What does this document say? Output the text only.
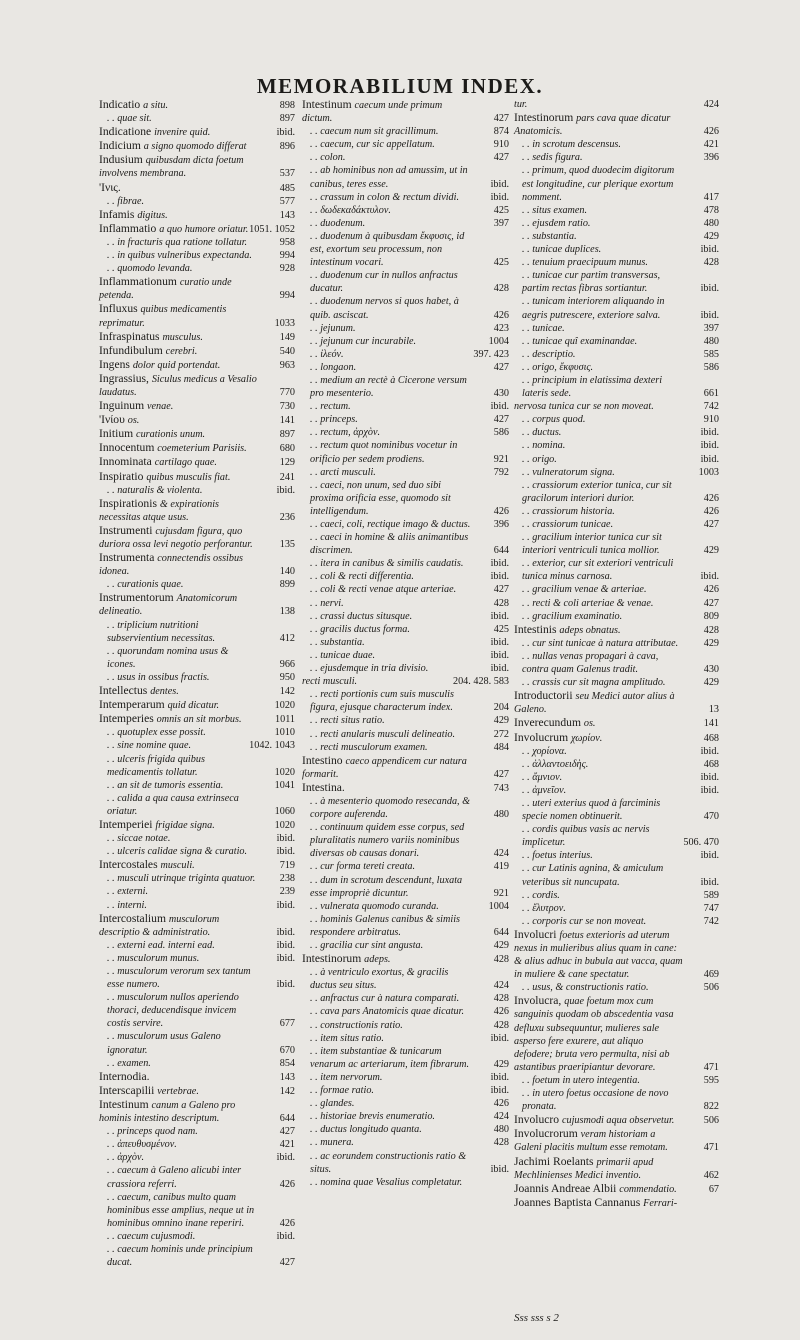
MEMORABILIUM INDEX.
Indicatio a situ.	898
. . quae sit.	897
Indicatione invenire quid.	ibid.
Indicium a signo quomodo differat	896
Indusium quibusdam dicta foetum involvens membrana.	537
'Ινις.	485
. . fibrae.	577
Infamis digitus.	143
Inflammatio a quo humore oriatur. 1051. 1052
. . in fracturis qua ratione tollatur.	958
. . in quibus vulneribus expectanda.	994
. . quomodo levanda.	928
Inflammationum curatio unde petenda.	994
Influxus quibus medicamentis reprimatur.	1033
Infraspinatus musculus.	149
Infundibulum cerebri.	540
Ingens dolor quid portendat.	963
Ingrassius, Siculus medicus a Vesalio laudatus.	770
Inguinum venae.	730
'Ινίου os.	141
Initium curationis unum.	897
Innocentum coemeterium Parisiis.	680
Innominata cartilago quae.	129
Inspiratio quibus musculis fiat.	241
. . naturalis & violenta.	ibid.
Inspirationis & expirationis necessitas atque usus.	236
Instrumenti cujusdam figura, quo duriora ossa levi negotio perforantur.	135
Instrumenta connectendis ossibus idonea.	140
. . curationis quae.	899
Instrumentorum Anatomicorum delineatio.	138
. . triplicium nutritioni subservientium necessitas.	412
. . quorundam nomina usus & icones.	966
. . usus in ossibus fractis.	950
Intellectus dentes.	142
Intemperarum quid dicatur.	1020
Intemperies omnis an sit morbus.	1011
. . quotuplex esse possit.	1010
. . sine nomine quae.	1042. 1043
. . ulceris frigida quibus medicamentis tollatur.	1020
. . an sit de tumoris essentia.	1041
. . calida a qua causa extrinseca oriatur.	1060
Intemperiei frigidae signa.	1020
. . siccae notae.	ibid.
. . ulceris calidae signa & curatio.	ibid.
Intercostales musculi.	719
. . musculi utrinque triginta quatuor. 238
. . externi.	239
. . interni.	ibid.
Intercostalium musculorum descriptio & administratio.	ibid.
. . externi ead. interni ead.	ibid.
. . musculorum munus.	ibid.
. . musculorum verorum sex tantum esse numero.	ibid.
. . musculorum nullos aperiendo thoraci, deducendisque invicem costis servire.	677
. . musculorum usus Galeno ignoratur.	670
. . examen.	854
Internodia.	143
Interscapilii vertebrae.	142
Intestinum canum a Galeno pro hominis intestino descriptum.	644
. . princeps quod nam.	427
. . ἀπευθυσμένον.	421
. . ἀρχὸν.	ibid.
. . caecum à Galeno alicubi inter crassiora referri.	426
. . caecum, canibus multo quam hominibus esse amplius, neque ut in hominibus omnino inane reperiri.	426
. . caecum cujusmodi.	ibid.
. . caecum hominis unde principium ducat.	427
Intestinum caecum unde primum dictum.	427
. . caecum num sit gracillimum.	874
. . caecum, cur sic appellatum.	910
. . colon.	427
. . ab hominibus non ad amussim, ut in canibus, teres esse.	ibid.
. . crassum in colon & rectum dividi.	ibid.
. . δωδεκαδάκτυλον.	425
. . duodenum.	397
. . duodenum à quibusdam ἔκφυσις, id est, exortum seu processum, non intestinum vocari.	425
. . duodenum cur in nullos anfractus ducatur.	428
. . duodenum nervos si quos habet, à quib. asciscat.	426
. . jejunum.	423
. . jejunum cur incurabile.	1004
. . ἰλεόν.	397. 423
. . longaon.	427
. . medium an rectè à Cicerone versum pro mesenterio.	430
. . rectum.	ibid.
. . princeps.	427
. . rectum, ἀρχὸν.	586
. . rectum quot nominibus vocetur in orificio per sedem prodiens.	921
. . arcti musculi.	792
. . caeci, non unum, sed duo sibi proxima orificia esse, quomodo sit intelligendum.	426
. . caeci, coli, rectique imago & ductus. 396
. . caeci in homine & aliis animantibus discrimen.	644
. . itera in canibus & similis caudatis.	ibid.
. . coli & recti differentia.	ibid.
. . coli & recti venae atque arteriae.	427
. . nervi.	428
. . crassi ductus situsque.	ibid.
. . gracilis ductus forma.	425
. . substantia.	ibid.
. . tunicae duae.	ibid.
. . ejusdemque in tria divisio.	ibid.
recti musculi.	204. 428. 583
. . recti portionis cum suis musculis figura, ejusque characterum index.	204
. . recti situs ratio.	429
. . recti anularis musculi delineatio.	272
. . recti musculorum examen.	484
Intestino caeco appendicem cur natura formarit.	427
Intestina.	743
. . à mesenterio quomodo resecanda, & corpore auferenda.	480
. . continuum quidem esse corpus, sed pluralitatis numero variis nominibus diversas ob causas donari.	424
. . cur forma tereti creata.	419
. . dum in scrotum descendunt, luxata esse impropriè dicuntur.	921
. . vulnerata quomodo curanda.	1004
. . hominis Galenus canibus & simiis respondere arbitratus.	644
. . gracilia cur sint angusta.	429
Intestinorum adeps.	428
. . à ventriculo exortus, & gracilis ductus seu situs.	424
. . anfractus cur à natura comparati.	428
. . cava pars Anatomicis quae dicatur.	426
. . constructionis ratio.	428
. . item situs ratio.	ibid.
. . item substantiae & tunicarum venarum ac arteriarum, item fibrarum. 429
. . item nervorum.	ibid.
. . formae ratio.	ibid.
. . glandes.	426
. . historiae brevis enumeratio.	424
. . ductus longitudo quanta.	480
. . munera.	428
. . ac eorundem constructionis ratio & situs.	ibid.
. . nomina quae Vesalius completatur.
tur.	424
Intestinorum pars cava quae dicatur Anatomicis.	426
. . in scrotum descensus.	421
. . sedis figura.	396
. . primum, quod duodecim digitorum est longitudine, cur plerique exortum nomment.	417
. . situs examen.	478
. . ejusdem ratio.	480
. . substantia.	429
. . tunicae duplices.	ibid.
. . tenuium praecipuum munus.	428
. . tunicae cur partim transversas, partim rectas fibras sortiantur.	ibid.
. . tunicam interiorem aliquando in aegris putrescere, exteriore salva.	ibid.
. . tunicae.	397
. . tunicae quî examinandae.	480
. . descriptio.	585
. . origo, ἔκφυσις.	586
. . principium in elatissima dexteri lateris sede.	661
nervosa tunica cur se non moveat.	742
. . corpus quod.	910
. . ductus.	ibid.
. . nomina.	ibid.
. . origo.	ibid.
. . vulneratorum signa.	1003
. . crassiorum exterior tunica, cur sit gracilorum interiori durior.	426
. . crassiorum historia.	426
. . crassiorum tunicae.	427
. . gracilium interior tunica cur sit interiori ventriculi tunica mollior.	429
. . exterior, cur sit exteriori ventriculi tunica minus carnosa.	ibid.
. . gracilium venae & arteriae.	426
. . recti & coli arteriae & venae.	427
. . gracilium examinatio.	809
Intestinis adeps obnatus.	428
. . cur sint tunicae à natura attributae.	429
. . nullas venas propagari à cava, contra quam Galenus tradit.	430
. . crassis cur sit magna amplitudo.	429
Introductorii seu Medici autor alius à Galeno.	13
Inverecundum os.	141
Involucrum χωρίον.	468
. . χορίονα.	ibid.
. . ἀλλαντοειδὴς.	468
. . ἄμνιον.	ibid.
. . ἀμνεῖον.	ibid.
. . uteri exterius quod à farciminis specie nomen obtinuerit.	470
. . cordis quibus vasis ac nervis implicetur.	506. 470
. . foetus interius.	ibid.
. . cur Latinis agnina, & amiculum veteribus sit nuncupata.	ibid.
. . cordis.	589
. . ἔλυτρον.	747
. . corporis cur se non moveat.	742
Involucri foetus exterioris ad uterum nexus in mulieribus alius quam in cane: & alius adhuc in bubula aut vacca, quam in muliere & cane spectatur.	469
. . usus, & constructionis ratio.	506
Involucra, quae foetum mox cum sanguinis quodam ob abscedentia vasa defluxu subsequuntur, mulieres sale asperso fere exurere, aut aliquo defodere; bruta vero permulta, nisi ab astantibus praeripiantur devorare.	471
. . foetum in utero integentia.	595
. . in utero foetus occasione de novo pronata.	822
Involucro cujusmodi aqua observetur.	506
Involucrorum veram historiam a Galeni placitis multum esse remotam.	471
Jachimi Roelants primarii apud Mechlinienses Medici inventio.	462
Joannis Andreae Albii commendatio.	67
Joannes Baptista Cannanus Ferrari-
Sss sss s 2
